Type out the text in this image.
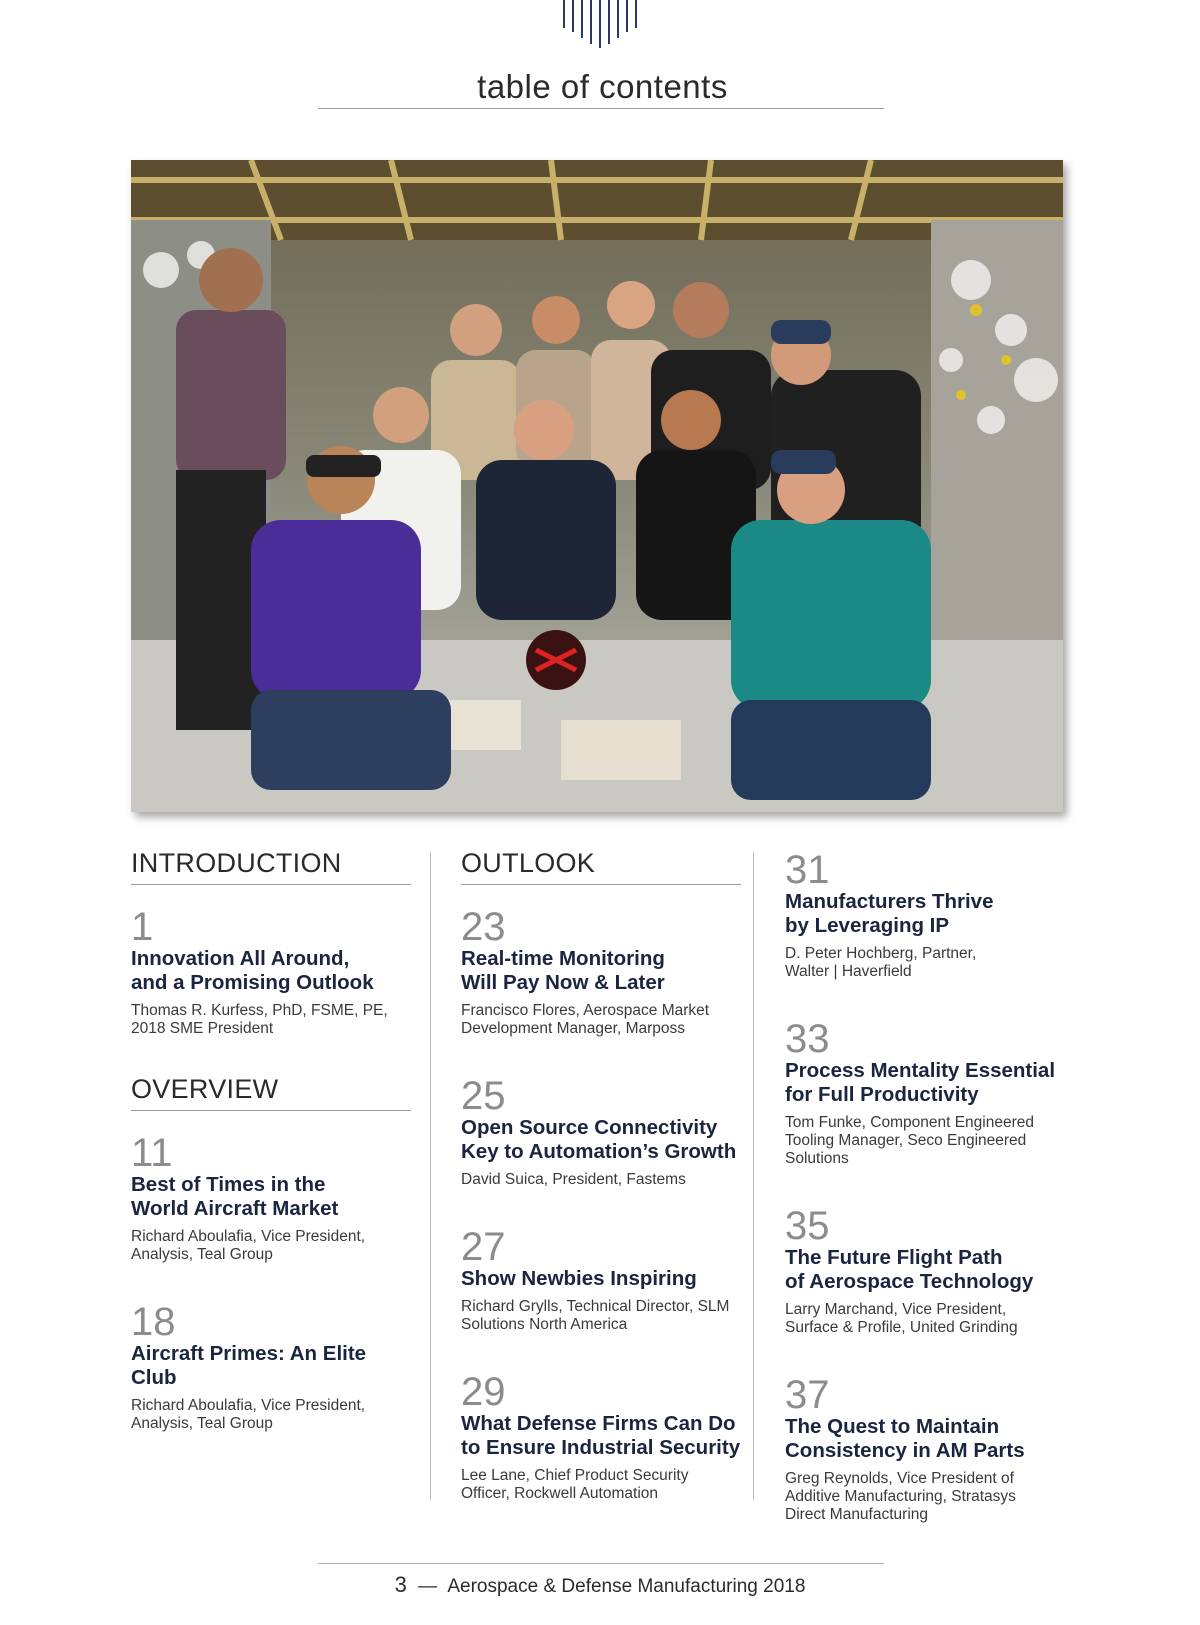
table of contents
INTRODUCTION
1
Innovation All Around,
and a Promising Outlook
Thomas R. Kurfess, PhD, FSME, PE,
2018 SME President
OVERVIEW
11
Best of Times in the
World Aircraft Market
Richard Aboulafia, Vice President,
Analysis, Teal Group
18
Aircraft Primes: An Elite Club
Richard Aboulafia, Vice President,
Analysis, Teal Group
OUTLOOK
23
Real-time Monitoring
Will Pay Now & Later
Francisco Flores, Aerospace Market
Development Manager, Marposs
25
Open Source Connectivity
Key to Automation’s Growth
David Suica, President, Fastems
27
Show Newbies Inspiring
Richard Grylls, Technical Director, SLM
Solutions North America
29
What Defense Firms Can Do
to Ensure Industrial Security
Lee Lane, Chief Product Security
Officer, Rockwell Automation
31
Manufacturers Thrive
by Leveraging IP
D. Peter Hochberg, Partner,
Walter | Haverfield
33
Process Mentality Essential
for Full Productivity
Tom Funke, Component Engineered
Tooling Manager, Seco Engineered
Solutions
35
The Future Flight Path
of Aerospace Technology
Larry Marchand, Vice President,
Surface & Profile, United Grinding
37
The Quest to Maintain
Consistency in AM Parts
Greg Reynolds, Vice President of
Additive Manufacturing, Stratasys
Direct Manufacturing
3 — Aerospace & Defense Manufacturing 2018
